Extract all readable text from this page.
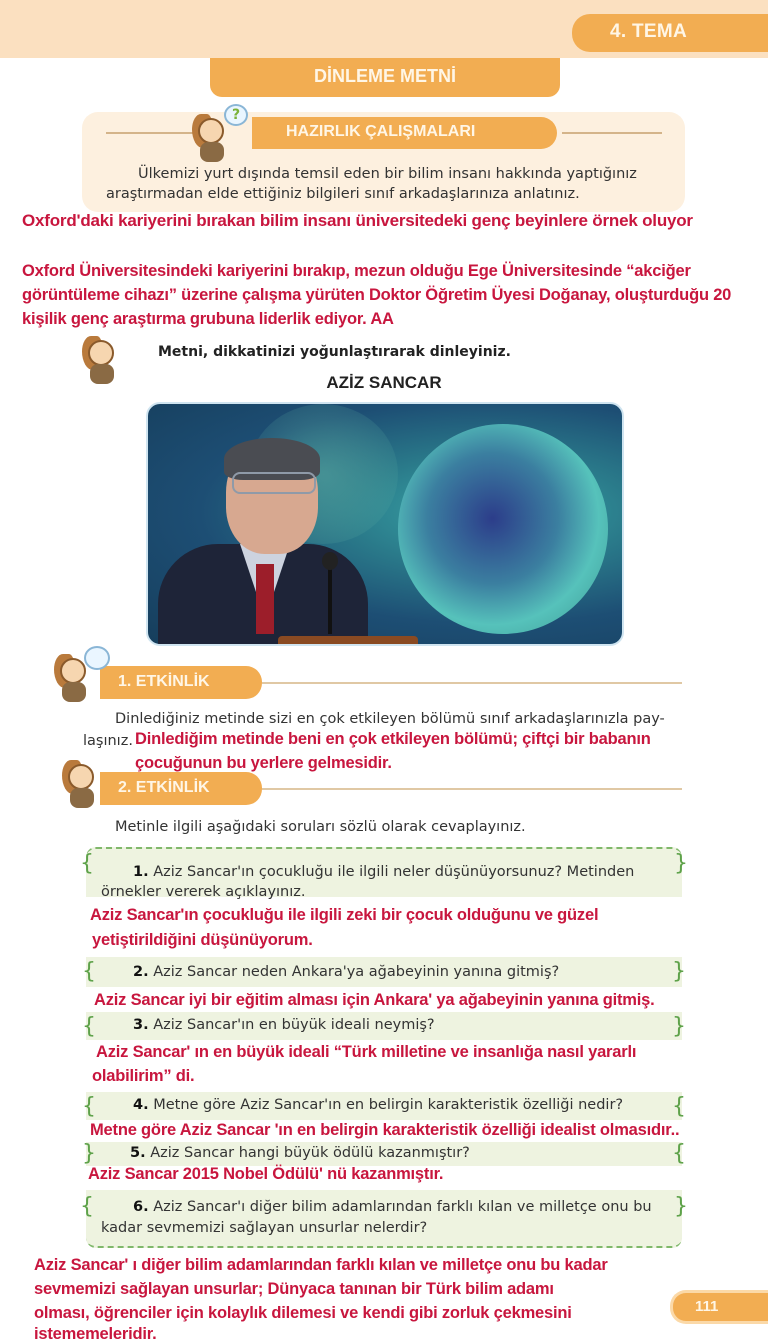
4. TEMA
DİNLEME METNİ
HAZIRLIK ÇALIŞMALARI
Ülkemizi yurt dışında temsil eden bir bilim insanı hakkında yaptığınız araştırmadan elde ettiğiniz bilgileri sınıf arkadaşlarınıza anlatınız.
?
Oxford'daki kariyerini bırakan bilim insanı üniversitedeki genç beyinlere örnek oluyor
Oxford Üniversitesindeki kariyerini bırakıp, mezun olduğu Ege Üniversitesinde “akciğer görüntüleme cihazı” üzerine çalışma yürüten Doktor Öğretim Üyesi Doğanay, oluşturduğu 20 kişilik genç araştırma grubuna liderlik ediyor. AA
Metni, dikkatinizi yoğunlaştırarak dinleyiniz.
AZİZ SANCAR
1. ETKİNLİK
Dinlediğiniz metinde sizi en çok etkileyen bölümü sınıf arkadaşlarınızla pay-
laşınız. Dinlediğim metinde beni en çok etkileyen bölümü; çiftçi bir babanın
çocuğunun bu yerlere gelmesidir.
2. ETKİNLİK
Metinle ilgili aşağıdaki soruları sözlü olarak cevaplayınız.
{	}
1. Aziz Sancar'ın çocukluğu ile ilgili neler düşünüyorsunuz? Metinden
örnekler vererek açıklayınız.
Aziz Sancar'ın çocukluğu ile ilgili zeki bir çocuk olduğunu ve güzel
yetiştirildiğini düşünüyorum.
{	}
2. Aziz Sancar neden Ankara'ya ağabeyinin yanına gitmiş?
Aziz Sancar iyi bir eğitim alması için Ankara' ya ağabeyinin yanına gitmiş.
{	}
3. Aziz Sancar'ın en büyük ideali neymiş?
Aziz Sancar' ın en büyük ideali “Türk milletine ve insanlığa nasıl yararlı
olabilirim” di.
{	{
4. Metne göre Aziz Sancar'ın en belirgin karakteristik özelliği nedir?
Metne göre Aziz Sancar 'ın en belirgin karakteristik özelliği idealist olmasıdır..
}	{
5. Aziz Sancar hangi büyük ödülü kazanmıştır?
Aziz Sancar 2015 Nobel Ödülü' nü kazanmıştır.
{	}
6. Aziz Sancar'ı diğer bilim adamlarından farklı kılan ve milletçe onu bu
kadar sevmemizi sağlayan unsurlar nelerdir?
Aziz Sancar' ı diğer bilim adamlarından farklı kılan ve milletçe onu bu kadar
sevmemizi sağlayan unsurlar; Dünyaca tanınan bir Türk bilim adamı
olması, öğrenciler için kolaylık dilemesi ve kendi gibi zorluk çekmesini
istememeleridir.
111
